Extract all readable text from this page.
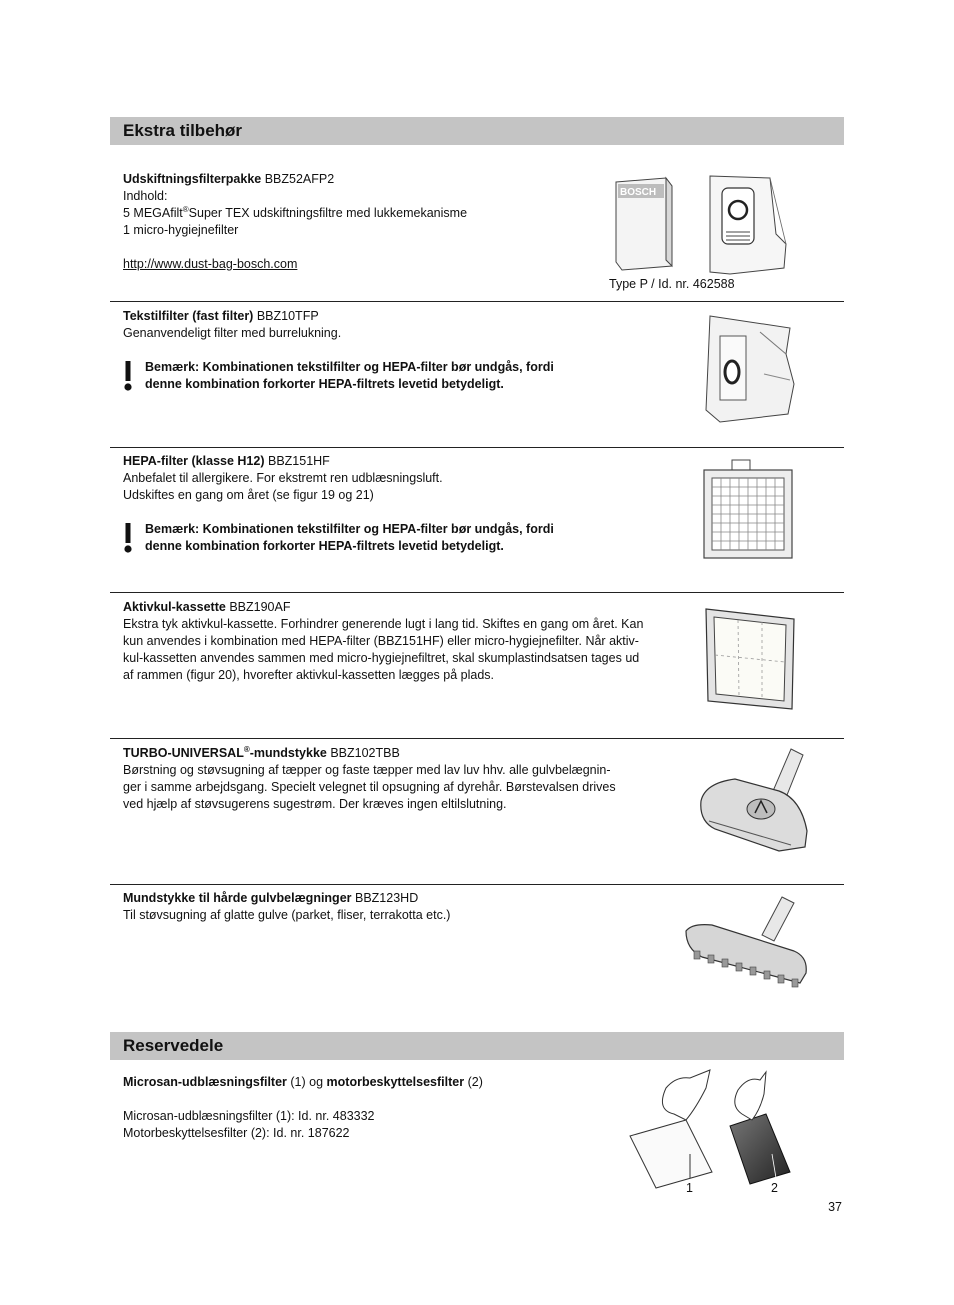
Ekstra tilbehør

Udskiftningsfilterpakke BBZ52AFP2

Indhold:

5 MEGAfilt®Super TEX udskiftningsfiltre med lukkemekanisme

1 micro-hygiejnefilter

http://www.dust-bag-bosch.com

BOSCH
Type P / Id. nr. 462588

Tekstilfilter (fast filter) BBZ10TFP

Genanvendeligt filter med burrelukning.

Bemærk: Kombinationen tekstilfilter og HEPA-filter bør undgås, fordi

denne kombination forkorter HEPA-filtrets levetid betydeligt.

HEPA-filter (klasse H12) BBZ151HF

Anbefalet til allergikere. For ekstremt ren udblæsningsluft.

Udskiftes en gang om året (se figur 19 og 21)

Bemærk: Kombinationen tekstilfilter og HEPA-filter bør undgås, fordi

denne kombination forkorter HEPA-filtrets levetid betydeligt.

Aktivkul-kassette BBZ190AF

Ekstra tyk aktivkul-kassette. Forhindrer generende lugt i lang tid. Skiftes en gang om året. Kan

kun anvendes i kombination med HEPA-filter (BBZ151HF) eller micro-hygiejnefilter. Når aktiv-

kul-kassetten anvendes sammen med micro-hygiejnefiltret, skal skumplastindsatsen tages ud

af rammen (figur 20), hvorefter aktivkul-kassetten lægges på plads.

TURBO-UNIVERSAL®-mundstykke BBZ102TBB

Børstning og støvsugning af tæpper og faste tæpper med lav luv hhv. alle gulvbelægnin-

ger i samme arbejdsgang. Specielt velegnet til opsugning af dyrehår. Børstevalsen drives

ved hjælp af støvsugerens sugestrøm. Der kræves ingen eltilslutning.

Mundstykke til hårde gulvbelægninger BBZ123HD

Til støvsugning af glatte gulve (parket, fliser, terrakotta etc.)

Reservedele

Microsan-udblæsningsfilter (1) og motorbeskyttelsesfilter (2)

Microsan-udblæsningsfilter (1): Id. nr. 483332

Motorbeskyttelsesfilter (2): Id. nr. 187622

1	2
37
